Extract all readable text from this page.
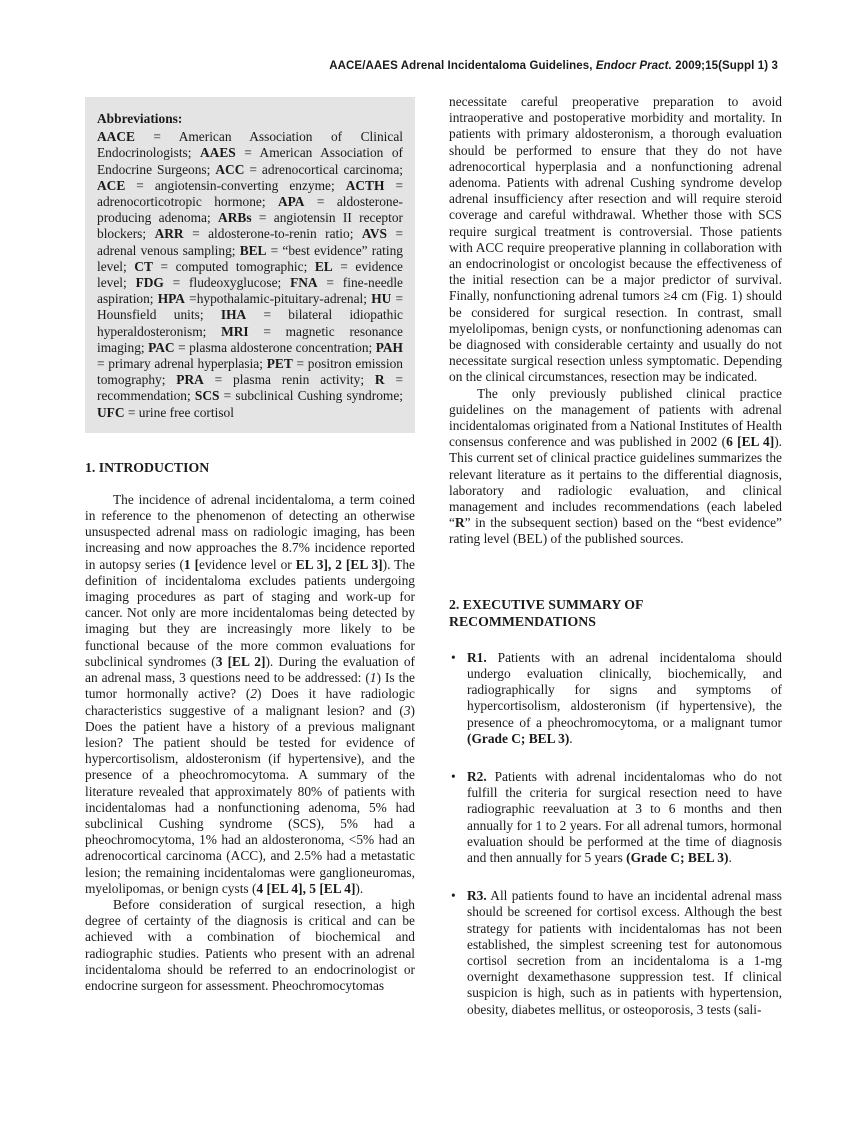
AACE/AAES Adrenal Incidentaloma Guidelines, Endocr Pract. 2009;15(Suppl 1) 3
Abbreviations:
AACE = American Association of Clinical Endocrinologists; AAES = American Association of Endocrine Surgeons; ACC = adrenocortical carcinoma; ACE = angiotensin-converting enzyme; ACTH = adrenocorticotropic hormone; APA = aldosterone-producing adenoma; ARBs = angiotensin II receptor blockers; ARR = aldosterone-to-renin ratio; AVS = adrenal venous sampling; BEL = “best evidence” rating level; CT = computed tomographic; EL = evidence level; FDG = fludeoxyglucose; FNA = fine-needle aspiration; HPA =hypothalamic-pituitary-adrenal; HU = Hounsfield units; IHA = bilateral idiopathic hyperaldosteronism; MRI = magnetic resonance imaging; PAC = plasma aldosterone concentration; PAH = primary adrenal hyperplasia; PET = positron emission tomography; PRA = plasma renin activity; R = recommendation; SCS = subclinical Cushing syndrome; UFC = urine free cortisol
1. INTRODUCTION

The incidence of adrenal incidentaloma, a term coined in reference to the phenomenon of detecting an otherwise unsuspected adrenal mass on radiologic imaging, has been increasing and now approaches the 8.7% incidence reported in autopsy series (1 [evidence level or EL 3], 2 [EL 3]). The definition of incidentaloma excludes patients undergoing imaging procedures as part of staging and work-up for cancer. Not only are more incidentalomas being detected by imaging but they are increasingly more likely to be functional because of the more common evaluations for subclinical syndromes (3 [EL 2]). During the evaluation of an adrenal mass, 3 questions need to be addressed: (1) Is the tumor hormonally active? (2) Does it have radiologic characteristics suggestive of a malignant lesion? and (3) Does the patient have a history of a previous malignant lesion? The patient should be tested for evidence of hypercortisolism, aldosteronism (if hypertensive), and the presence of a pheochromocytoma. A summary of the literature revealed that approximately 80% of patients with incidentalomas had a nonfunctioning adenoma, 5% had subclinical Cushing syndrome (SCS), 5% had a pheochromocytoma, 1% had an aldosteronoma, <5% had an adrenocortical carcinoma (ACC), and 2.5% had a metastatic lesion; the remaining incidentalomas were ganglioneuromas, myelolipomas, or benign cysts (4 [EL 4], 5 [EL 4]).

Before consideration of surgical resection, a high degree of certainty of the diagnosis is critical and can be achieved with a combination of biochemical and radiographic studies. Patients who present with an adrenal incidentaloma should be referred to an endocrinologist or endocrine surgeon for assessment. Pheochromocytomas

necessitate careful preoperative preparation to avoid intraoperative and postoperative morbidity and mortality. In patients with primary aldosteronism, a thorough evaluation should be performed to ensure that they do not have adrenocortical hyperplasia and a nonfunctioning adrenal adenoma. Patients with adrenal Cushing syndrome develop adrenal insufficiency after resection and will require steroid coverage and careful withdrawal. Whether those with SCS require surgical treatment is controversial. Those patients with ACC require preoperative planning in collaboration with an endocrinologist or oncologist because the effectiveness of the initial resection can be a major predictor of survival. Finally, nonfunctioning adrenal tumors ≥4 cm (Fig. 1) should be considered for surgical resection. In contrast, small myelolipomas, benign cysts, or nonfunctioning adenomas can be diagnosed with considerable certainty and usually do not necessitate surgical resection unless symptomatic. Depending on the clinical circumstances, resection may be indicated.

The only previously published clinical practice guidelines on the management of patients with adrenal incidentalomas originated from a National Institutes of Health consensus conference and was published in 2002 (6 [EL 4]). This current set of clinical practice guidelines summarizes the relevant literature as it pertains to the differential diagnosis, laboratory and radiologic evaluation, and clinical management and includes recommendations (each labeled “R” in the subsequent section) based on the “best evidence” rating level (BEL) of the published sources.

2. EXECUTIVE SUMMARY OF
RECOMMENDATIONS
• R1. Patients with an adrenal incidentaloma should undergo evaluation clinically, biochemically, and radiographically for signs and symptoms of hypercortisolism, aldosteronism (if hypertensive), the presence of a pheochromocytoma, or a malignant tumor (Grade C; BEL 3).
• R2. Patients with adrenal incidentalomas who do not fulfill the criteria for surgical resection need to have radiographic reevaluation at 3 to 6 months and then annually for 1 to 2 years. For all adrenal tumors, hormonal evaluation should be performed at the time of diagnosis and then annually for 5 years (Grade C; BEL 3).
• R3. All patients found to have an incidental adrenal mass should be screened for cortisol excess. Although the best strategy for patients with incidentalomas has not been established, the simplest screening test for autonomous cortisol secretion from an incidentaloma is a 1-mg overnight dexamethasone suppression test. If clinical suspicion is high, such as in patients with hypertension, obesity, diabetes mellitus, or osteoporosis, 3 tests (sali-
